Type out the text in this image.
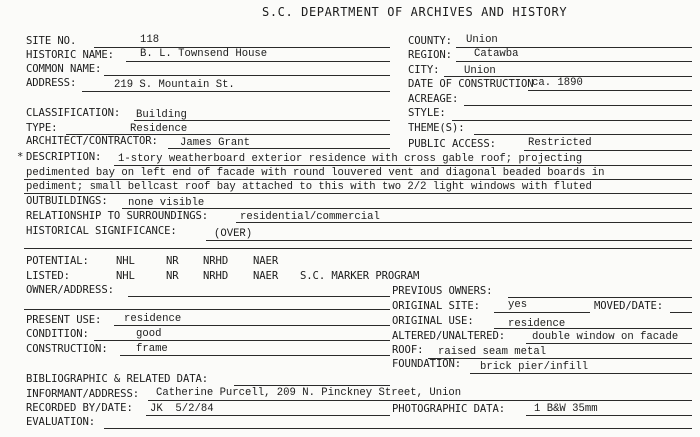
S.C. DEPARTMENT OF ARCHIVES AND HISTORY
SITE NO.	118
HISTORIC NAME: B. L. Townsend House
COMMON NAME:
ADDRESS:	219 S. Mountain St.
COUNTY: Union
REGION: Catawba
CITY: Union
DATE OF CONSTRUCTION
ca. 1890
ACREAGE:
CLASSIFICATION: Building
TYPE:	Residence
ARCHITECT/CONTRACTOR: James Grant
STYLE:
THEME(S):
PUBLIC ACCESS:	Restricted
* DESCRIPTION: 1-story weatherboard exterior residence with cross gable roof; projecting
pedimented bay on left end of facade with round louvered vent and diagonal beaded boards in
pediment; small bellcast roof bay attached to this with two 2/2 light windows with fluted
OUTBUILDINGS: none visible
RELATIONSHIP TO SURROUNDINGS:	residential/commercial
HISTORICAL SIGNIFICANCE:	(OVER)
POTENTIAL:	NHL	NR NRHD NAER
LISTED:	NHL	NR NRHD NAER S.C. MARKER PROGRAM
OWNER/ADDRESS:	PREVIOUS OWNERS:
ORIGINAL SITE:	yes	MOVED/DATE:
PRESENT USE: residence	ORIGINAL USE:	residence
CONDITION:	good	ALTERED/UNALTERED:	double window on facade
CONSTRUCTION:	frame	ROOF: raised seam metal
FOUNDATION: brick pier/infill
BIBLIOGRAPHIC & RELATED DATA:
INFORMANT/ADDRESS: Catherine Purcell, 209 N. Pinckney Street, Union
RECORDED BY/DATE: JK  5/2/84	PHOTOGRAPHIC DATA:	1 B&W 35mm
EVALUATION:
